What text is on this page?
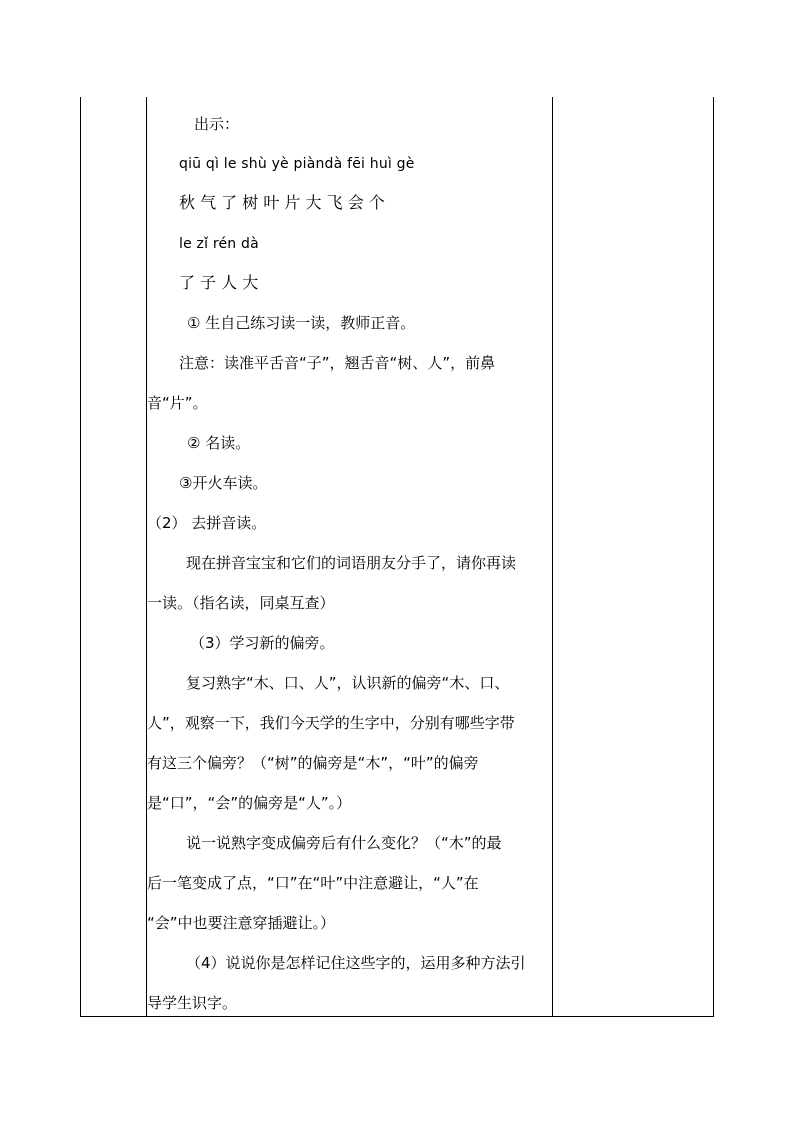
出示：
qiū qì le shù yè piàndà fēi huì gè
秋 气 了 树 叶 片 大 飞 会 个
le zǐ rén dà
了 子 人 大
① 生自己练习读一读，教师正音。
注意：读准平舌音“子”，翘舌音“树、人”，前鼻
音“片”。
② 名读。
③开火车读。
（2） 去拼音读。
现在拼音宝宝和它们的词语朋友分手了，请你再读
一读。（指名读，同桌互查）
（3）学习新的偏旁。
复习熟字“木、口、人”，认识新的偏旁“木、口、
人”，观察一下，我们今天学的生字中，分别有哪些字带
有这三个偏旁？（“树”的偏旁是“木”，“叶”的偏旁
是“口”，“会”的偏旁是“人”。）
说一说熟字变成偏旁后有什么变化？（“木”的最
后一笔变成了点，“口”在“叶”中注意避让，“人”在
“会”中也要注意穿插避让。）
（4）说说你是怎样记住这些字的，运用多种方法引
导学生识字。
